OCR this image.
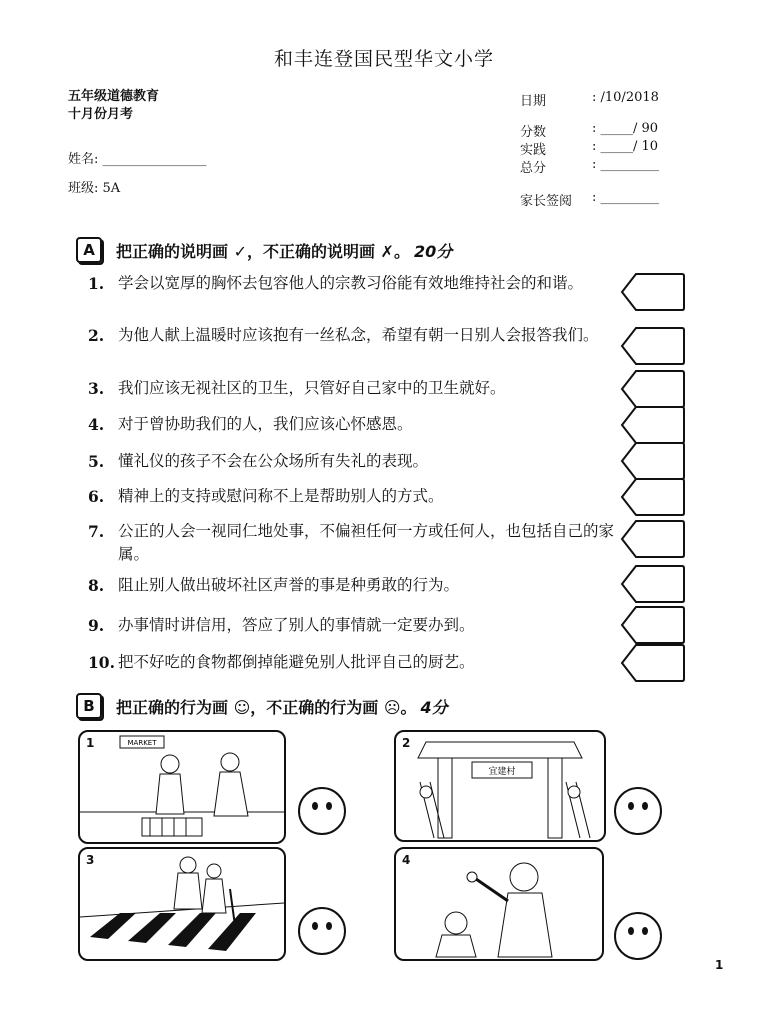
和丰连登国民型华文小学
五年级道德教育
十月份月考
姓名: ________________
班级: 5A
日期	: /10/2018
分数	: _____/ 90
实践	: _____/ 10
总分	: _________
家长签阅 : _________
A	把正确的说明画 ✓，不正确的说明画 ✗。 20分
1. 学会以宽厚的胸怀去包容他人的宗教习俗能有效地维持社会的和谐。
2. 为他人献上温暖时应该抱有一丝私念，希望有朝一日别人会报答我们。
3. 我们应该无视社区的卫生，只管好自己家中的卫生就好。
4. 对于曾协助我们的人，我们应该心怀感恩。
5. 懂礼仪的孩子不会在公众场所有失礼的表现。
6. 精神上的支持或慰问称不上是帮助别人的方式。
7. 公正的人会一视同仁地处事，不偏袒任何一方或任何人，也包括自己的家属。
8. 阻止别人做出破坏社区声誉的事是种勇敢的行为。
9. 办事情时讲信用，答应了别人的事情就一定要办到。
10. 把不好吃的食物都倒掉能避免别人批评自己的厨艺。
B	把正确的行为画 ☺，不正确的行为画 ☹。 4分
1	MARKET	2
宜建村
3	4
1
